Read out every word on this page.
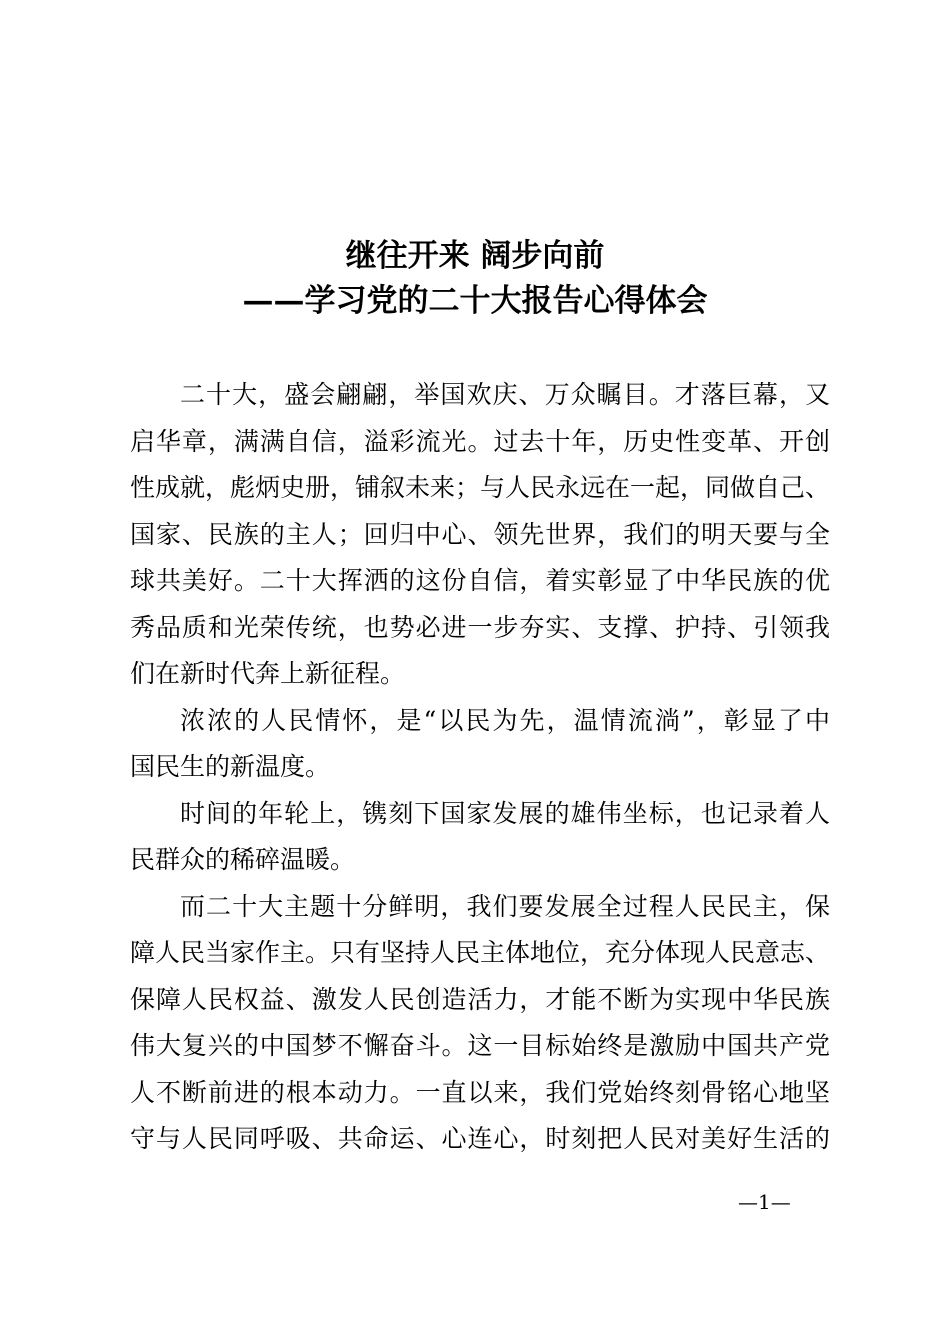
继往开来 阔步向前
——学习党的二十大报告心得体会
二十大，盛会翩翩，举国欢庆、万众瞩目。才落巨幕，又
启华章，满满自信，溢彩流光。过去十年，历史性变革、开创
性成就，彪炳史册，铺叙未来；与人民永远在一起，同做自己、
国家、民族的主人；回归中心、领先世界，我们的明天要与全
球共美好。二十大挥洒的这份自信，着实彰显了中华民族的优
秀品质和光荣传统，也势必进一步夯实、支撑、护持、引领我
们在新时代奔上新征程。
浓浓的人民情怀，是“以民为先，温情流淌”，彰显了中
国民生的新温度。
时间的年轮上，镌刻下国家发展的雄伟坐标，也记录着人
民群众的稀碎温暖。
而二十大主题十分鲜明，我们要发展全过程人民民主，保
障人民当家作主。只有坚持人民主体地位，充分体现人民意志、
保障人民权益、激发人民创造活力，才能不断为实现中华民族
伟大复兴的中国梦不懈奋斗。这一目标始终是激励中国共产党
人不断前进的根本动力。一直以来，我们党始终刻骨铭心地坚
守与人民同呼吸、共命运、心连心，时刻把人民对美好生活的
—1—
